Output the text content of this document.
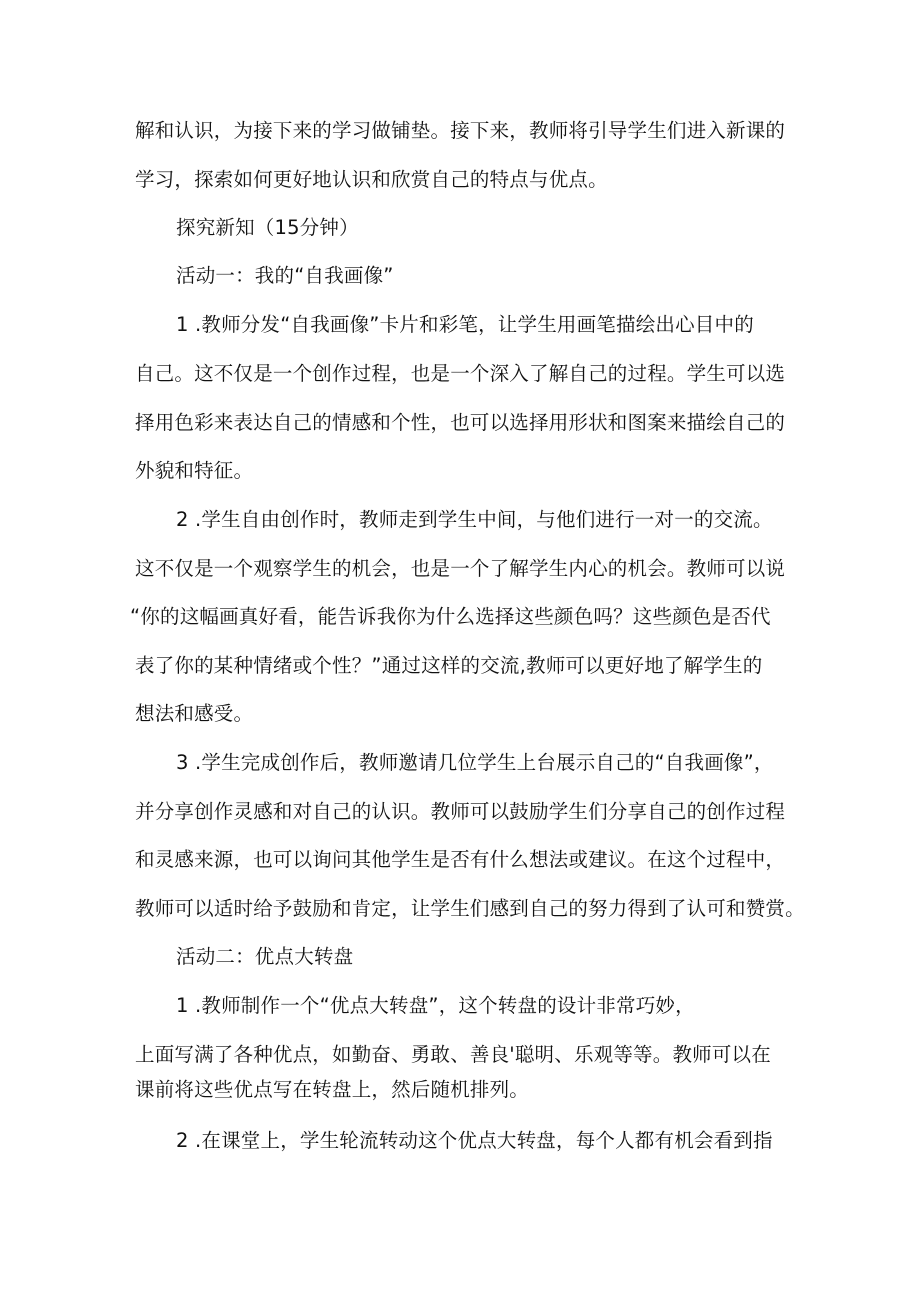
解和认识，为接下来的学习做铺垫。接下来，教师将引导学生们进入新课的
学习，探索如何更好地认识和欣赏自己的特点与优点。
探究新知（15分钟）
活动一：我的“自我画像”
1 .教师分发“自我画像”卡片和彩笔，让学生用画笔描绘出心目中的
自己。这不仅是一个创作过程，也是一个深入了解自己的过程。学生可以选
择用色彩来表达自己的情感和个性，也可以选择用形状和图案来描绘自己的
外貌和特征。
2 .学生自由创作时，教师走到学生中间，与他们进行一对一的交流。
这不仅是一个观察学生的机会，也是一个了解学生内心的机会。教师可以说
“你的这幅画真好看，能告诉我你为什么选择这些颜色吗？这些颜色是否代
表了你的某种情绪或个性？”通过这样的交流,教师可以更好地了解学生的
想法和感受。
3 .学生完成创作后，教师邀请几位学生上台展示自己的“自我画像”，
并分享创作灵感和对自己的认识。教师可以鼓励学生们分享自己的创作过程
和灵感来源，也可以询问其他学生是否有什么想法或建议。在这个过程中，
教师可以适时给予鼓励和肯定，让学生们感到自己的努力得到了认可和赞赏。
活动二：优点大转盘
1 .教师制作一个“优点大转盘”，这个转盘的设计非常巧妙，
上面写满了各种优点，如勤奋、勇敢、善良'聪明、乐观等等。教师可以在
课前将这些优点写在转盘上，然后随机排列。
2 .在课堂上，学生轮流转动这个优点大转盘，每个人都有机会看到指
